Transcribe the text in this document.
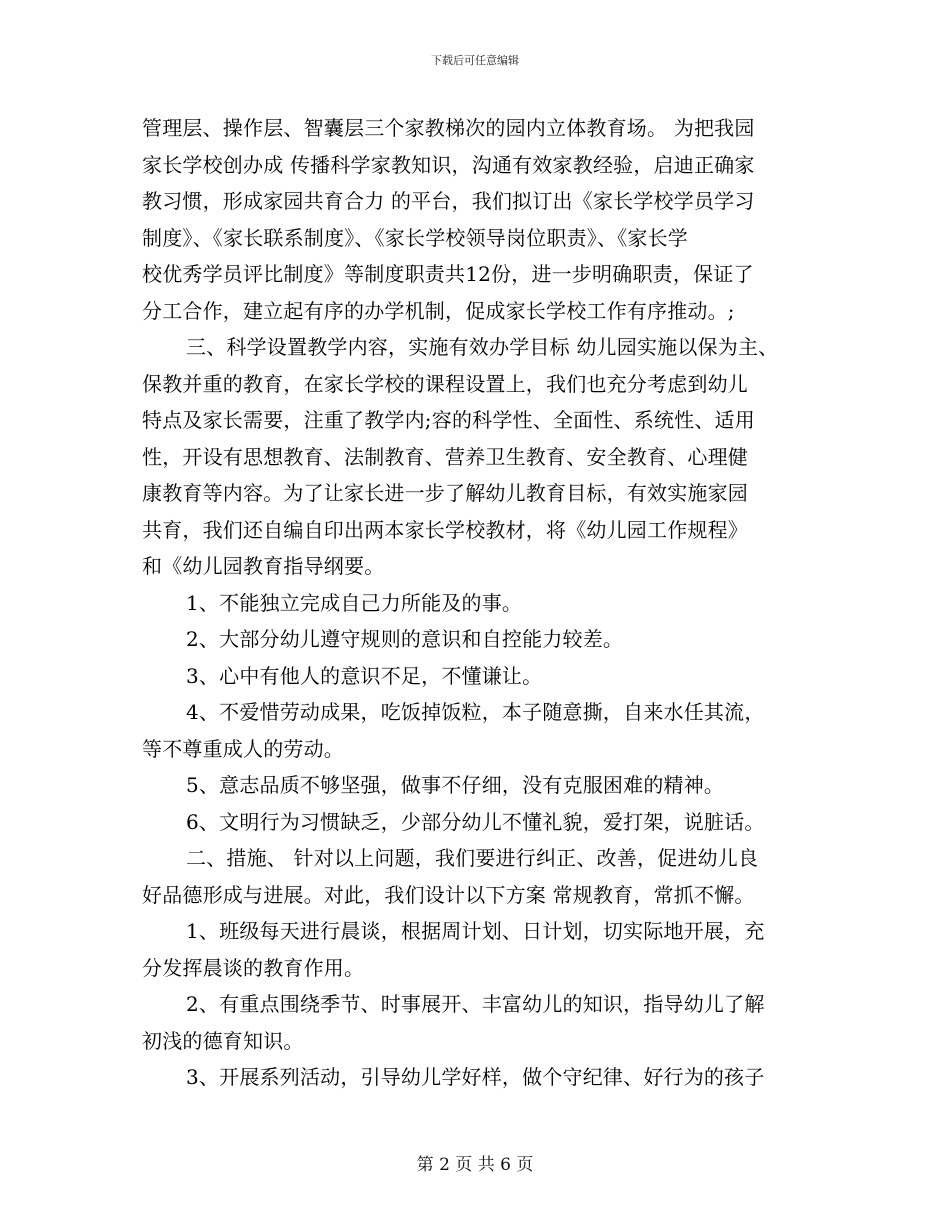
下载后可任意编辑
管理层、操作层、智囊层三个家教梯次的园内立体教育场。 为把我园
家长学校创办成 传播科学家教知识，沟通有效家教经验，启迪正确家
教习惯，形成家园共育合力 的平台，我们拟订出《家长学校学员学习
制度》、《家长联系制度》、《家长学校领导岗位职责》、《家长学
校优秀学员评比制度》等制度职责共12份，进一步明确职责，保证了
分工合作，建立起有序的办学机制，促成家长学校工作有序推动。;
三、科学设置教学内容，实施有效办学目标 幼儿园实施以保为主、
保教并重的教育，在家长学校的课程设置上，我们也充分考虑到幼儿
特点及家长需要，注重了教学内;容的科学性、全面性、系统性、适用
性，开设有思想教育、法制教育、营养卫生教育、安全教育、心理健
康教育等内容。为了让家长进一步了解幼儿教育目标，有效实施家园
共育，我们还自编自印出两本家长学校教材，将《幼儿园工作规程》
和《幼儿园教育指导纲要。
1、不能独立完成自己力所能及的事。
2、大部分幼儿遵守规则的意识和自控能力较差。
3、心中有他人的意识不足，不懂谦让。
4、不爱惜劳动成果，吃饭掉饭粒，本子随意撕，自来水任其流，
等不尊重成人的劳动。
5、意志品质不够坚强，做事不仔细，没有克服困难的精神。
6、文明行为习惯缺乏，少部分幼儿不懂礼貌，爱打架，说脏话。
二、措施、 针对以上问题，我们要进行纠正、改善，促进幼儿良
好品德形成与进展。对此，我们设计以下方案 常规教育，常抓不懈。
1、班级每天进行晨谈，根据周计划、日计划，切实际地开展，充
分发挥晨谈的教育作用。
2、有重点围绕季节、时事展开、丰富幼儿的知识，指导幼儿了解
初浅的德育知识。
3、开展系列活动，引导幼儿学好样，做个守纪律、好行为的孩子
第 2 页 共 6 页
